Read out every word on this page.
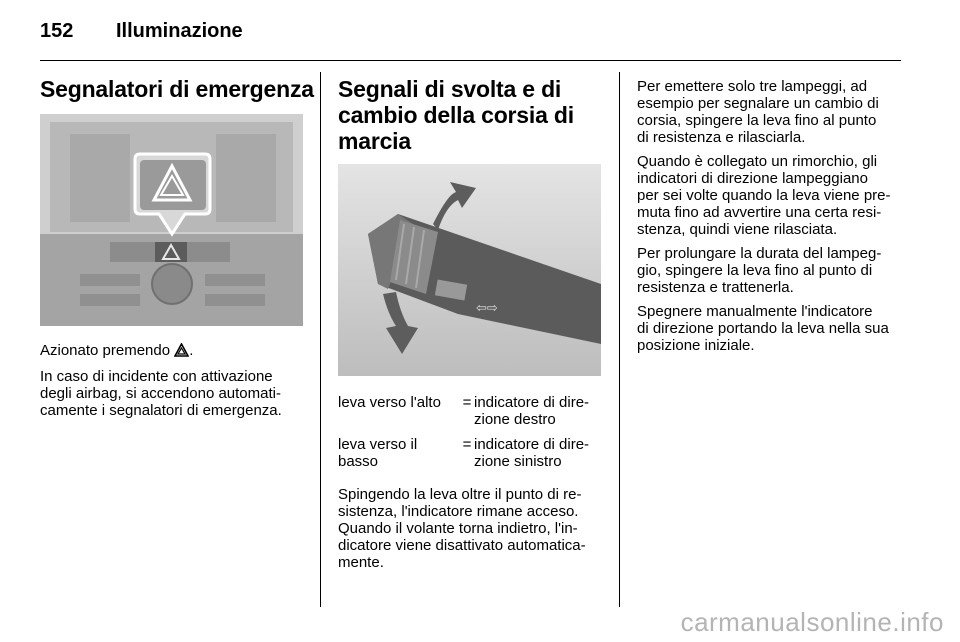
152 Illuminazione
Segnalatori di emergenza

Azionato premendo .

In caso di incidente con attivazione
degli airbag, si accendono automati-
camente i segnalatori di emergenza.

Segnali di svolta e di
cambio della corsia di
marcia
⇦⇨
leva verso l'alto	=	indicatore di dire-
zione destro

leva verso il
basso	=	indicatore di dire-
zione sinistro

Spingendo la leva oltre il punto di re-
sistenza, l'indicatore rimane acceso.
Quando il volante torna indietro, l'in-
dicatore viene disattivato automatica-
mente.

Per emettere solo tre lampeggi, ad
esempio per segnalare un cambio di
corsia, spingere la leva fino al punto
di resistenza e rilasciarla.

Quando è collegato un rimorchio, gli
indicatori di direzione lampeggiano
per sei volte quando la leva viene pre-
muta fino ad avvertire una certa resi-
stenza, quindi viene rilasciata.

Per prolungare la durata del lampeg-
gio, spingere la leva fino al punto di
resistenza e trattenerla.

Spegnere manualmente l'indicatore
di direzione portando la leva nella sua
posizione iniziale.

carmanualsonline.info
